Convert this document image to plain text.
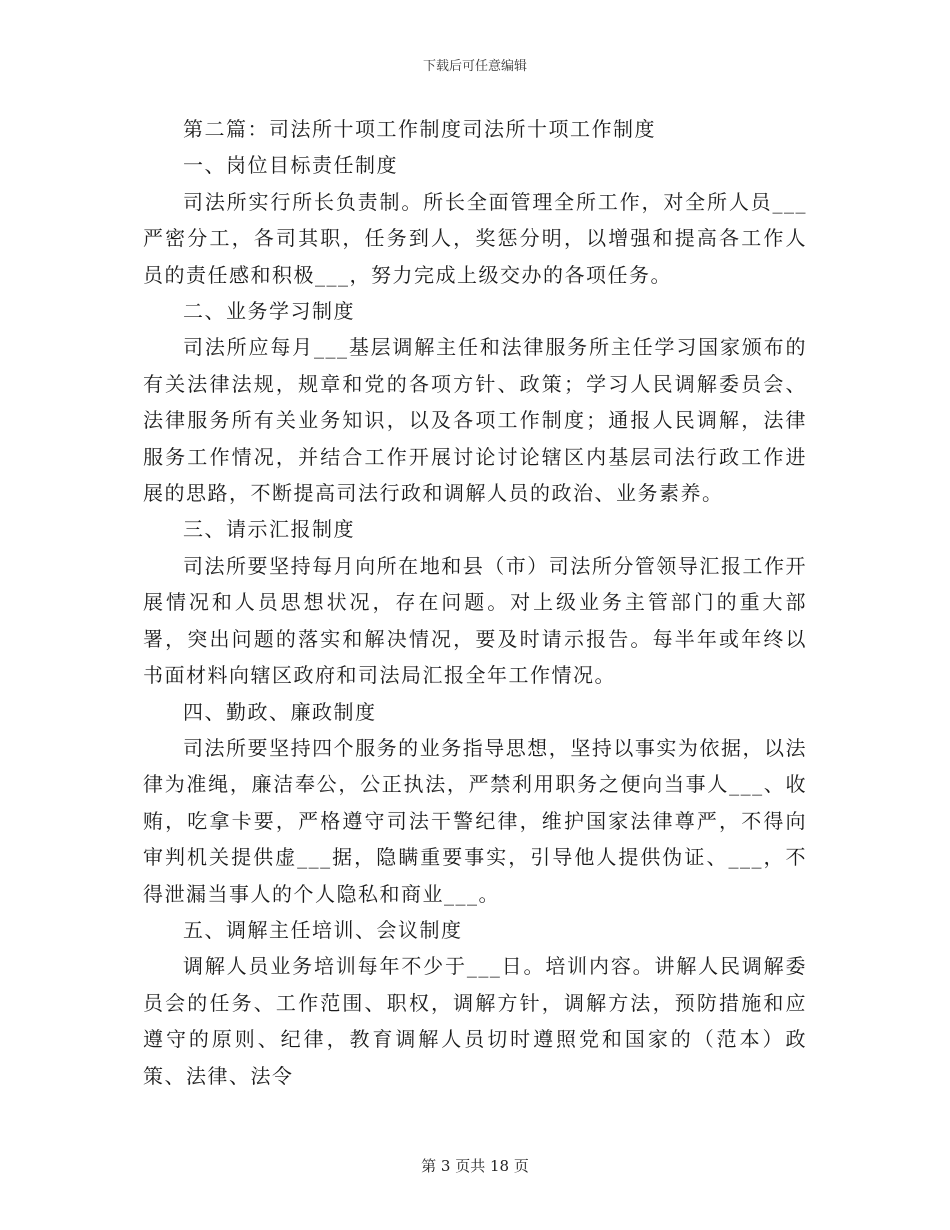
下载后可任意编辑

第二篇：司法所十项工作制度司法所十项工作制度

一、岗位目标责任制度

司法所实行所长负责制。所长全面管理全所工作，对全所人员___严密分工，各司其职，任务到人，奖惩分明，以增强和提高各工作人员的责任感和积极___，努力完成上级交办的各项任务。

二、业务学习制度

司法所应每月___基层调解主任和法律服务所主任学习国家颁布的有关法律法规，规章和党的各项方针、政策；学习人民调解委员会、法律服务所有关业务知识，以及各项工作制度；通报人民调解，法律服务工作情况，并结合工作开展讨论讨论辖区内基层司法行政工作进展的思路，不断提高司法行政和调解人员的政治、业务素养。

三、请示汇报制度

司法所要坚持每月向所在地和县（市）司法所分管领导汇报工作开展情况和人员思想状况，存在问题。对上级业务主管部门的重大部署，突出问题的落实和解决情况，要及时请示报告。每半年或年终以书面材料向辖区政府和司法局汇报全年工作情况。

四、勤政、廉政制度

司法所要坚持四个服务的业务指导思想，坚持以事实为依据，以法律为准绳，廉洁奉公，公正执法，严禁利用职务之便向当事人___、收贿，吃拿卡要，严格遵守司法干警纪律，维护国家法律尊严，不得向审判机关提供虚___据，隐瞒重要事实，引导他人提供伪证、___，不得泄漏当事人的个人隐私和商业___。

五、调解主任培训、会议制度

调解人员业务培训每年不少于___日。培训内容。讲解人民调解委员会的任务、工作范围、职权，调解方针，调解方法，预防措施和应遵守的原则、纪律，教育调解人员切时遵照党和国家的（范本）政策、法律、法令

第 3 页共 18 页
